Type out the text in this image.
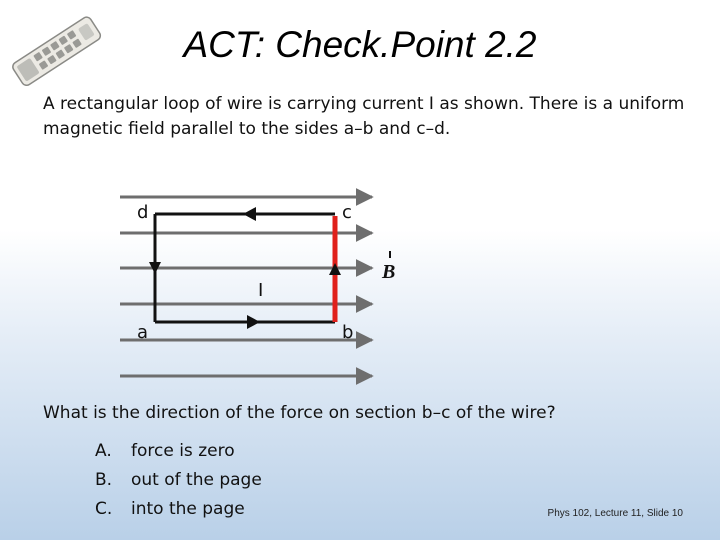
ACT: Check.Point 2.2
A rectangular loop of wire is carrying current I as shown. There is a uniform magnetic field parallel to the sides a–b and c–d.
d	c
a	b
I
B
What is the direction of the force on section b–c of the wire?
A.	force is zero
B.	out of the page
C.	into the page	Phys 102, Lecture 11, Slide 10
